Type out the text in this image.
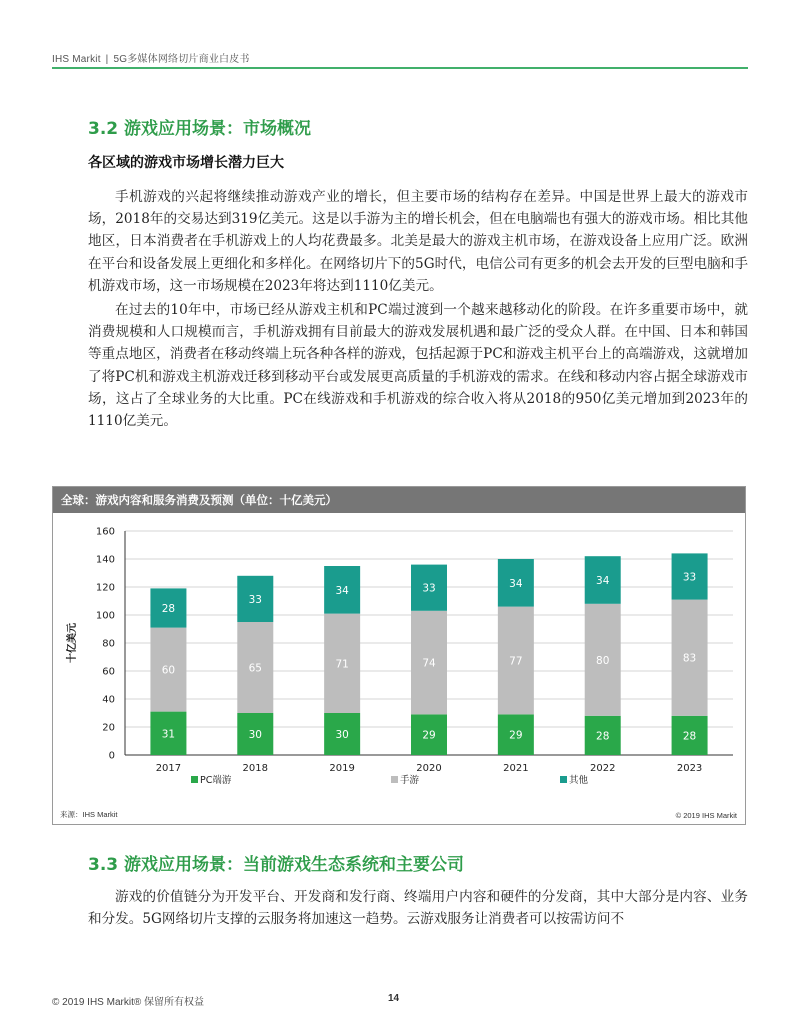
IHS Markit | 5G多媒体网络切片商业白皮书
3.2 游戏应用场景：市场概况
各区域的游戏市场增长潜力巨大

手机游戏的兴起将继续推动游戏产业的增长，但主要市场的结构存在差异。中国是世界上最大的游戏市场，2018年的交易达到319亿美元。这是以手游为主的增长机会，但在电脑端也有强大的游戏市场。相比其他地区，日本消费者在手机游戏上的人均花费最多。北美是最大的游戏主机市场，在游戏设备上应用广泛。欧洲在平台和设备发展上更细化和多样化。在网络切片下的5G时代，电信公司有更多的机会去开发的巨型电脑和手机游戏市场，这一市场规模在2023年将达到1110亿美元。

在过去的10年中，市场已经从游戏主机和PC端过渡到一个越来越移动化的阶段。在许多重要市场中，就消费规模和人口规模而言，手机游戏拥有目前最大的游戏发展机遇和最广泛的受众人群。在中国、日本和韩国等重点地区，消费者在移动终端上玩各种各样的游戏，包括起源于PC和游戏主机平台上的高端游戏，这就增加了将PC机和游戏主机游戏迁移到移动平台或发展更高质量的手机游戏的需求。在线和移动内容占据全球游戏市场，这占了全球业务的大比重。PC在线游戏和手机游戏的综合收入将从2018的950亿美元增加到2023年的1110亿美元。

全球：游戏内容和服务消费及预测（单位：十亿美元）
0
20
40
60
80
100
120
140
160
十亿美元
31
60
28
2017
30
65
33
2018
30
71
34
2019
29
74
33
2020
29
77
34
2021
28
80
34
2022
28
83
33
2023
PC端游	手游	其他
来源：IHS Markit	© 2019 IHS Markit
3.3 游戏应用场景：当前游戏生态系统和主要公司

游戏的价值链分为开发平台、开发商和发行商、终端用户内容和硬件的分发商，其中大部分是内容、业务和分发。5G网络切片支撑的云服务将加速这一趋势。云游戏服务让消费者可以按需访问不

© 2019 IHS Markit® 保留所有权益	14
